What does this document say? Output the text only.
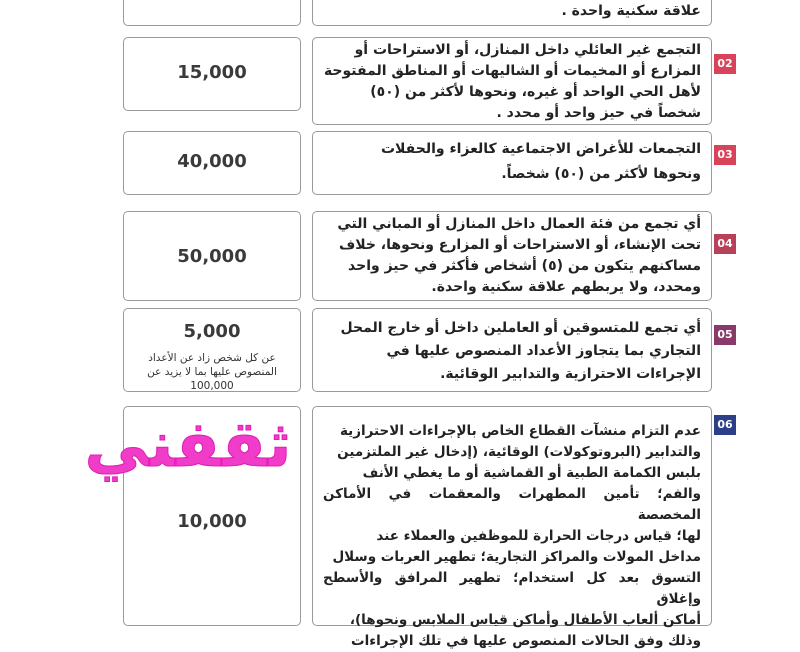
علاقة سكنية واحدة .
15,000
التجمع غير العائلي داخل المنازل، أو الاستراحات أو
المزارع أو المخيمات أو الشاليهات أو المناطق المفتوحة
لأهل الحي الواحد أو غيره، ونحوها لأكثر من (٥٠)
شخصاً في حيز واحد أو محدد .
02
40,000
التجمعات للأغراض الاجتماعية كالعزاء والحفلات
ونحوها لأكثر من (٥٠) شخصاً.
03
50,000
أي تجمع من فئة العمال داخل المنازل أو المباني التي
تحت الإنشاء، أو الاستراحات أو المزارع ونحوها، خلاف
مساكنهم يتكون من (٥) أشخاص فأكثر في حيز واحد
ومحدد، ولا يربطهم علاقة سكنية واحدة.
04
5,000
عن كل شخص زاد عن الأعداد المنصوص عليها بما لا يزيد عن 100,000
أي تجمع للمتسوقين أو العاملين داخل أو خارج المحل
التجاري بما يتجاوز الأعداد المنصوص عليها في
الإجراءات الاحترازية والتدابير الوقائية.
05
10,000
عدم التزام منشآت القطاع الخاص بالإجراءات الاحترازية
والتدابير (البروتوكولات) الوقائية، (إدخال غير الملتزمين
بلبس الكمامة الطبية أو القماشية أو ما يغطي الأنف
والفم؛ تأمين المطهرات والمعقمات في الأماكن المخصصة
لها؛ قياس درجات الحرارة للموظفين والعملاء عند
مداخل المولات والمراكز التجارية؛ تطهير العربات وسلال
التسوق بعد كل استخدام؛ تطهير المرافق والأسطح وإغلاق
أماكن ألعاب الأطفال وأماكن قياس الملابس ونحوها)،
وذلك وفق الحالات المنصوص عليها في تلك الإجراءات
06
ثقفني
